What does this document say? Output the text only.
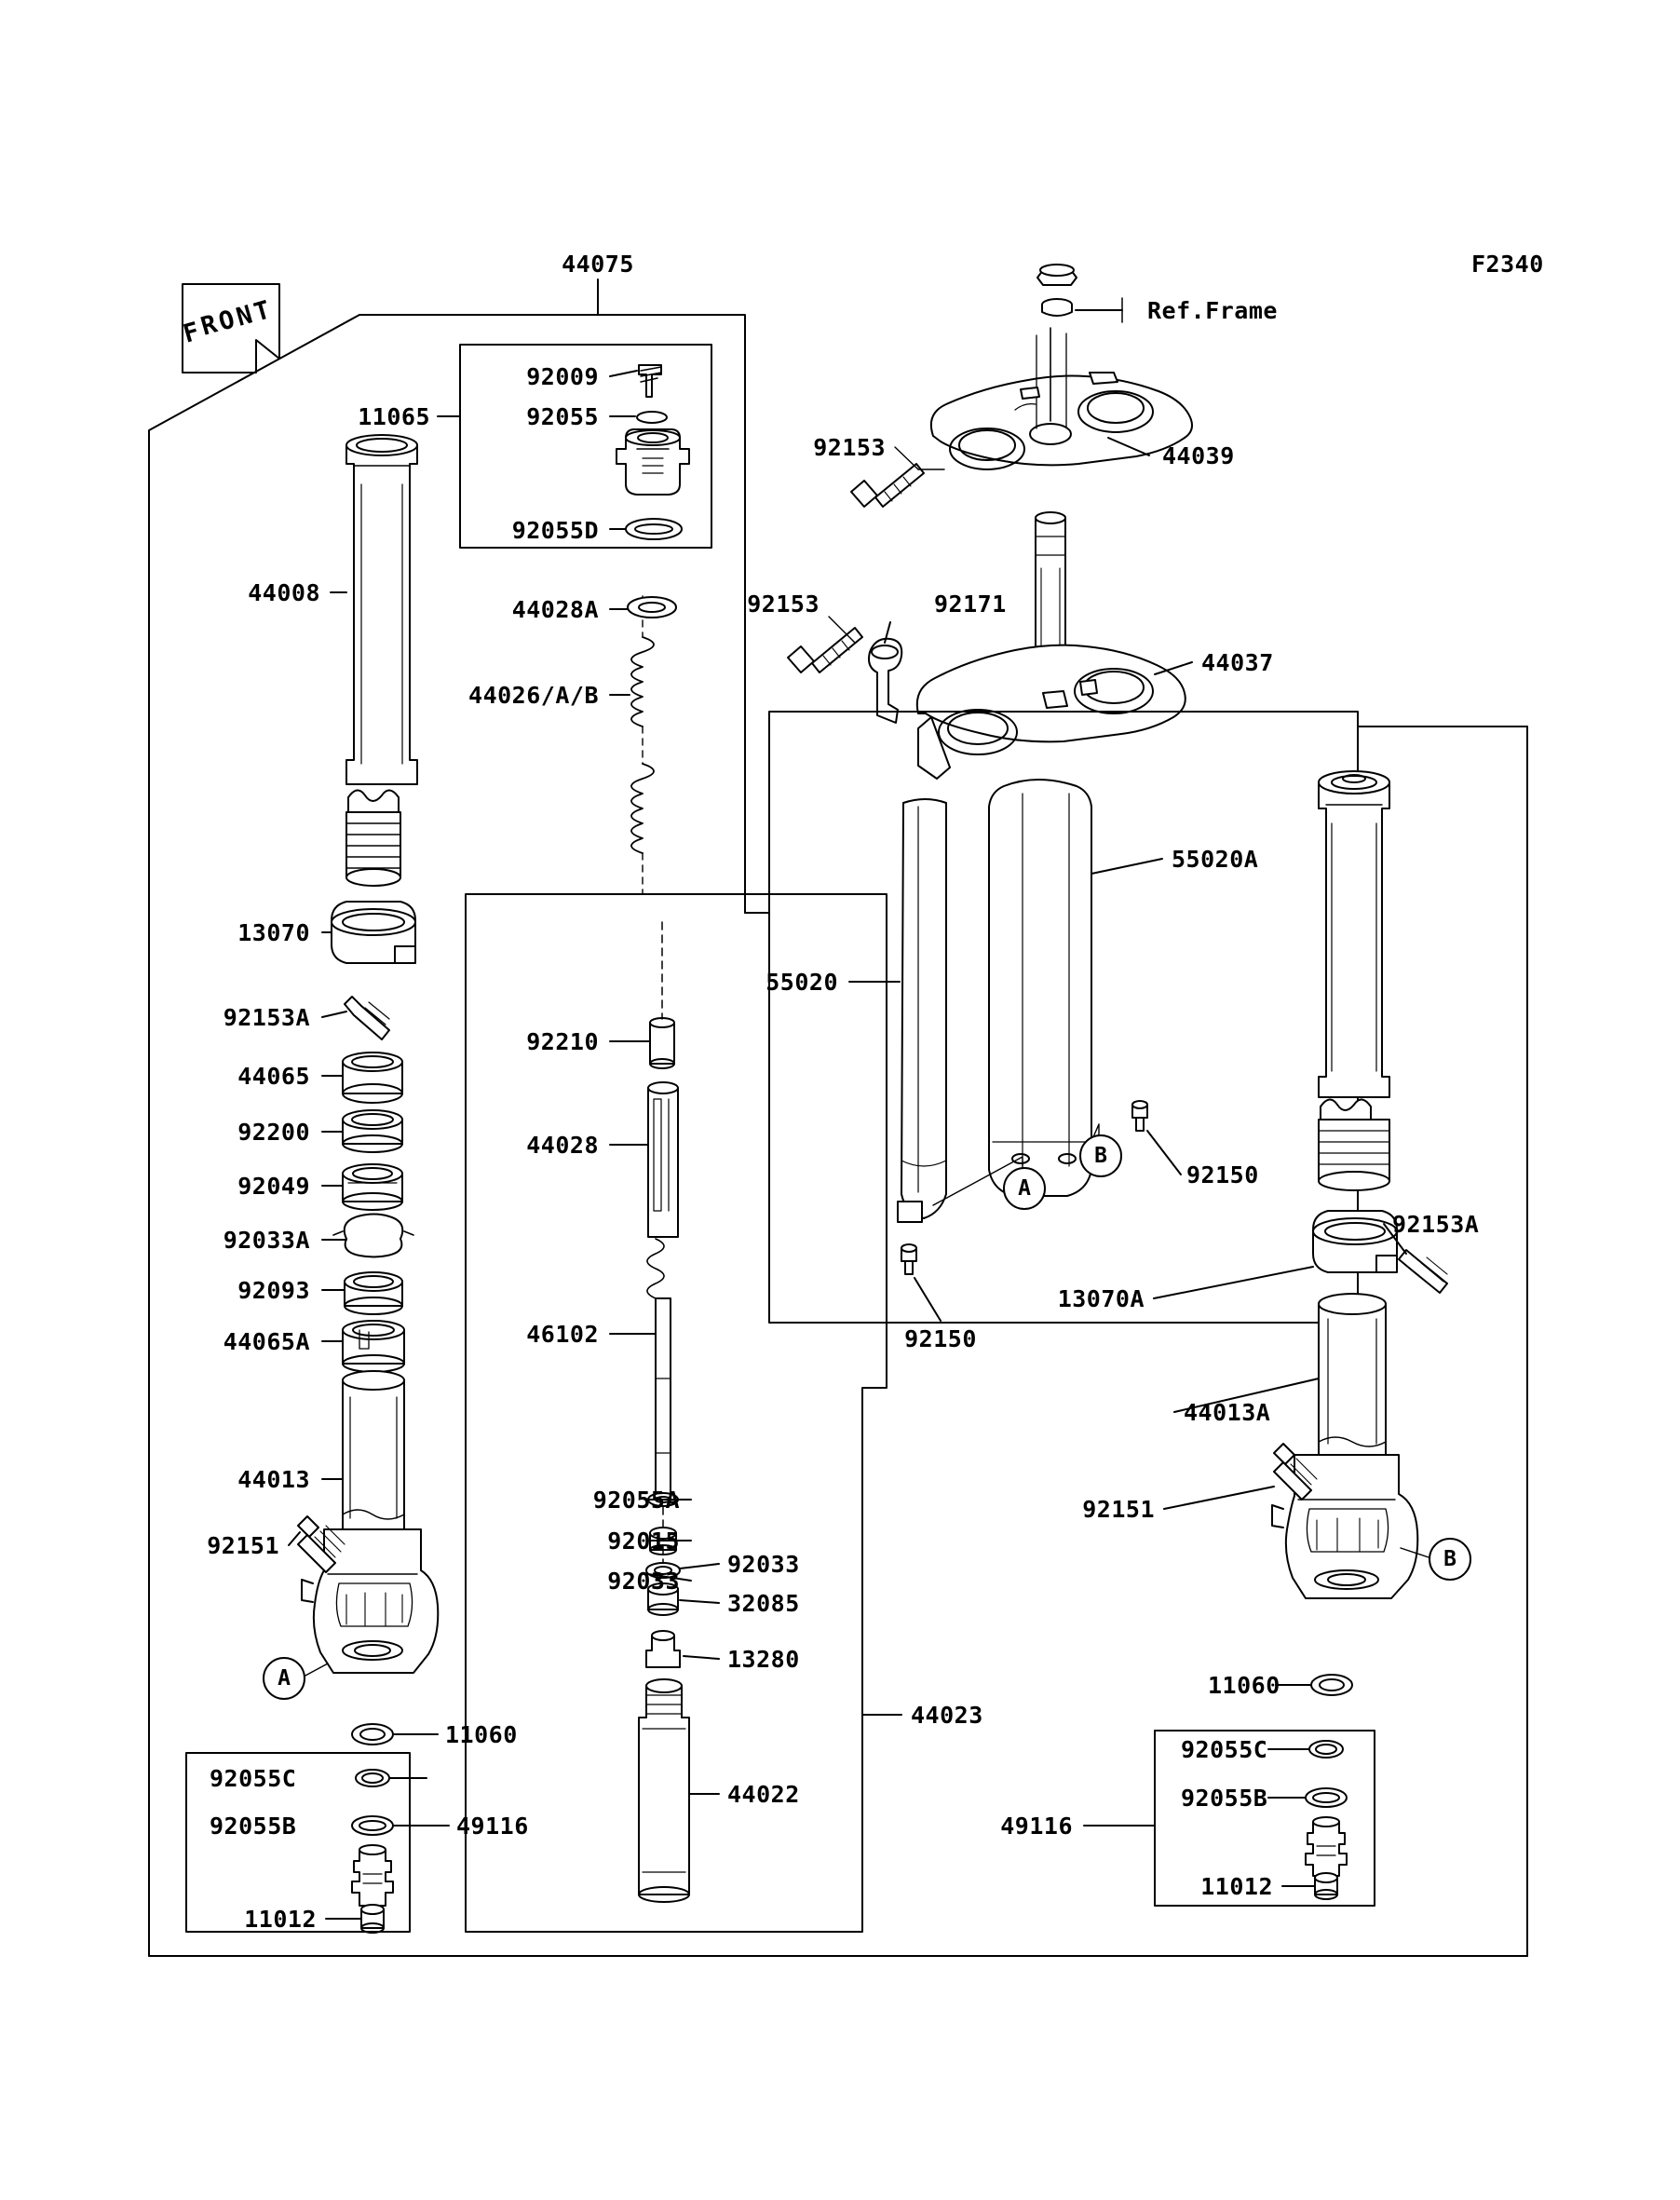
F
R
O
N
T
44075	F2340
Ref.Frame
11065
92009
92055
92153	44039
92055D
44008
44028A	92153	92171
44037
44026/A/B
55020A
13070
55020
92210
92153A
44065
92200	44028
92049	92150
92033A
92093
92153A
13070A
44065A	46102	92150
44013
44013A
92151
92055A
92015
92151
92033
92033
32085
13280
44023
11060
11060
92055C
92055C
92055B
92055B	49116	49116
44022
11012
11012
A
B
A
B
